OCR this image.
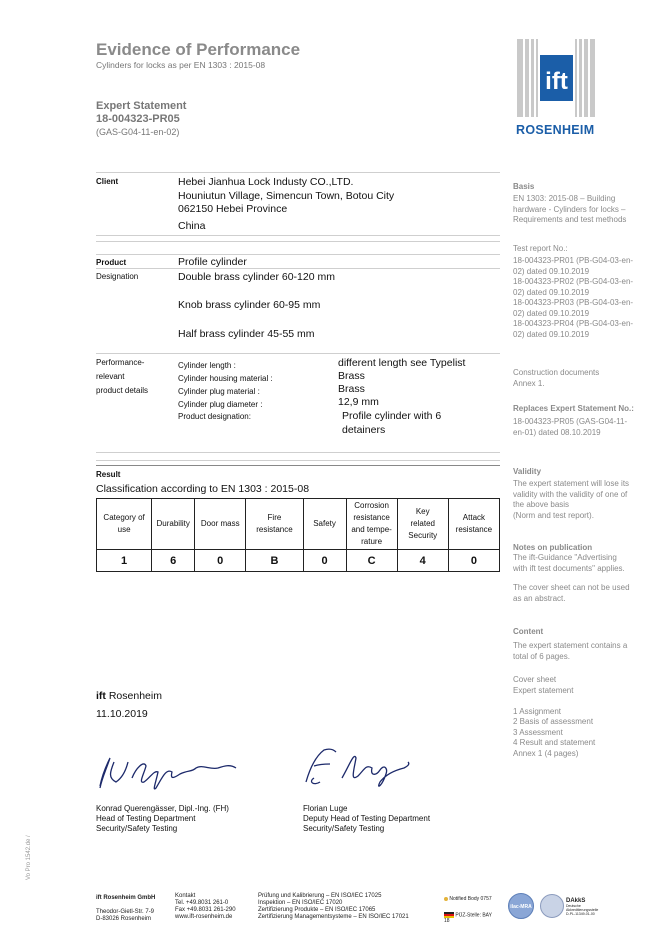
Evidence of Performance
Cylinders for locks as per EN 1303 : 2015-08
Expert Statement
18-004323-PR05
(GAS-G04-11-en-02)
ift
ROSENHEIM
Client	Hebei Jianhua Lock Industy CO.,LTD.
Houniutun Village, Simencun Town, Botou City
062150 Hebei Province
China
Product	Profile cylinder
Designation	Double brass cylinder 60-120 mm
Knob brass cylinder 60-95 mm
Half brass cylinder 45-55 mm
Performance-
relevant
product details
Cylinder length :	different length see Typelist
Cylinder housing material :	Brass
Cylinder plug material :	Brass
Cylinder plug diameter :	12,9 mm
Product designation:	Profile cylinder with 6
detainers
Result
Classification according to EN 1303 : 2015-08
Category of
use	Durability	Door mass	Fire
resistance	Safety	Corrosion
resistance
and tempe-
rature	Key
related
Security	Attack
resistance
1	6	0	B	0	C	4	0
ift Rosenheim
11.10.2019
Konrad Querengässer, Dipl.-Ing. (FH)
Head of Testing Department
Security/Safety Testing
Florian Luge
Deputy Head of Testing Department
Security/Safety Testing
Basis
EN 1303: 2015-08 – Building
hardware - Cylinders for locks –
Requirements and test methods
Test report No.:
18-004323-PR01 (PB-G04-03-en-
02) dated 09.10.2019
18-004323-PR02 (PB-G04-03-en-
02) dated 09.10.2019
18-004323-PR03 (PB-G04-03-en-
02) dated 09.10.2019
18-004323-PR04 (PB-G04-03-en-
02) dated 09.10.2019
Construction documents
Annex 1.
Replaces Expert Statement No.:
18-004323-PR05 (GAS-G04-11-
en-01) dated 08.10.2019
Validity
The expert statement will lose its
validity with the validity of one of
the above basis
(Norm and test report).
Notes on publication
The ift-Guidance "Advertising
with ift test documents" applies.
The cover sheet can not be used
as an abstract.
Content
The expert statement contains a
total of 6 pages.
Cover sheet
Expert statement
1 Assignment
2 Basis of assessment
3 Assessment
4 Result and statement
Annex 1 (4 pages)
Vo Pro 1542.de /
ift Rosenheim GmbH
Theodor-Gietl-Str. 7-9
D-83026 Rosenheim
Kontakt
Tel. +49.8031 261-0
Fax +49.8031 261-290
www.ift-rosenheim.de
Prüfung und Kalibrierung – EN ISO/IEC 17025
Inspektion – EN ISO/IEC 17020
Zertifizierung Produkte – EN ISO/IEC 17065
Zertifizierung Managementsysteme – EN ISO/IEC 17021
Notified Body 0757
PÜZ-Stelle: BAY 18
ilac-MRA
DAkkS
Deutsche
Akkreditierungsstelle
D-PL-11349-01-00
